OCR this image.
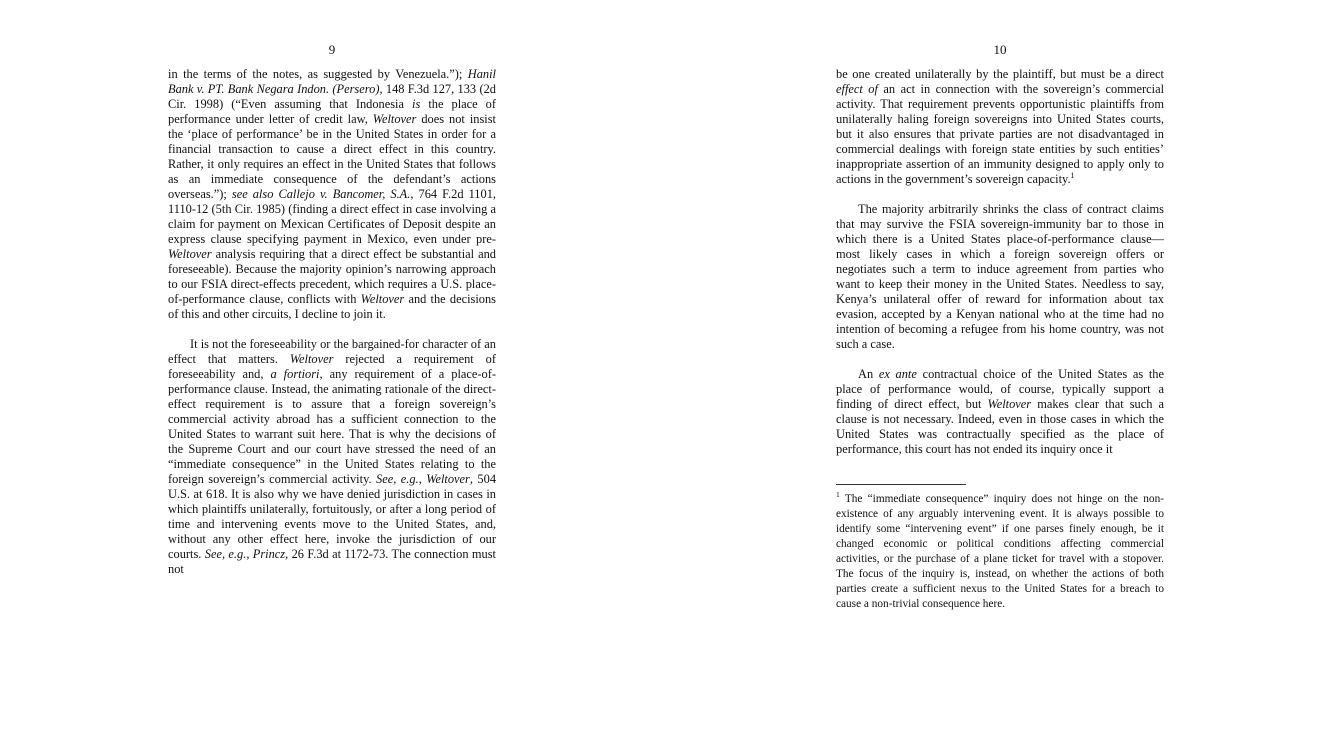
9	10

in the terms of the notes, as suggested by Venezuela.”); Hanil Bank v. PT. Bank Negara Indon. (Persero), 148 F.3d 127, 133 (2d Cir. 1998) (“Even assuming that Indonesia is the place of performance under letter of credit law, Weltover does not insist the ‘place of performance’ be in the United States in order for a financial transaction to cause a direct effect in this country. Rather, it only requires an effect in the United States that follows as an immediate consequence of the defendant’s actions overseas.”); see also Callejo v. Bancomer, S.A., 764 F.2d 1101, 1110-12 (5th Cir. 1985) (finding a direct effect in case involving a claim for payment on Mexican Certificates of Deposit despite an express clause specifying payment in Mexico, even under pre-Weltover analysis requiring that a direct effect be substantial and foreseeable). Because the majority opinion’s narrowing approach to our FSIA direct-effects precedent, which requires a U.S. place-of-performance clause, conflicts with Weltover and the decisions of this and other circuits, I decline to join it.

It is not the foreseeability or the bargained-for character of an effect that matters. Weltover rejected a requirement of foreseeability and, a fortiori, any requirement of a place-of-performance clause. Instead, the animating rationale of the direct-effect requirement is to assure that a foreign sovereign’s commercial activity abroad has a sufficient connection to the United States to warrant suit here. That is why the decisions of the Supreme Court and our court have stressed the need of an “immediate consequence” in the United States relating to the foreign sovereign’s commercial activity. See, e.g., Weltover, 504 U.S. at 618. It is also why we have denied jurisdiction in cases in which plaintiffs unilaterally, fortuitously, or after a long period of time and intervening events move to the United States, and, without any other effect here, invoke the jurisdiction of our courts. See, e.g., Princz, 26 F.3d at 1172-73. The connection must not

be one created unilaterally by the plaintiff, but must be a direct effect of an act in connection with the sovereign’s commercial activity. That requirement prevents opportunistic plaintiffs from unilaterally haling foreign sovereigns into United States courts, but it also ensures that private parties are not disadvantaged in commercial dealings with foreign state entities by such entities’ inappropriate assertion of an immunity designed to apply only to actions in the government’s sovereign capacity.$^1$

The majority arbitrarily shrinks the class of contract claims that may survive the FSIA sovereign-immunity bar to those in which there is a United States place-of-performance clause—most likely cases in which a foreign sovereign offers or negotiates such a term to induce agreement from parties who want to keep their money in the United States. Needless to say, Kenya’s unilateral offer of reward for information about tax evasion, accepted by a Kenyan national who at the time had no intention of becoming a refugee from his home country, was not such a case.

An ex ante contractual choice of the United States as the place of performance would, of course, typically support a finding of direct effect, but Weltover makes clear that such a clause is not necessary. Indeed, even in those cases in which the United States was contractually specified as the place of performance, this court has not ended its inquiry once it

$^1$ The “immediate consequence” inquiry does not hinge on the non-existence of any arguably intervening event. It is always possible to identify some “intervening event” if one parses finely enough, be it changed economic or political conditions affecting commercial activities, or the purchase of a plane ticket for travel with a stopover. The focus of the inquiry is, instead, on whether the actions of both parties create a sufficient nexus to the United States for a breach to cause a non-trivial consequence here.
